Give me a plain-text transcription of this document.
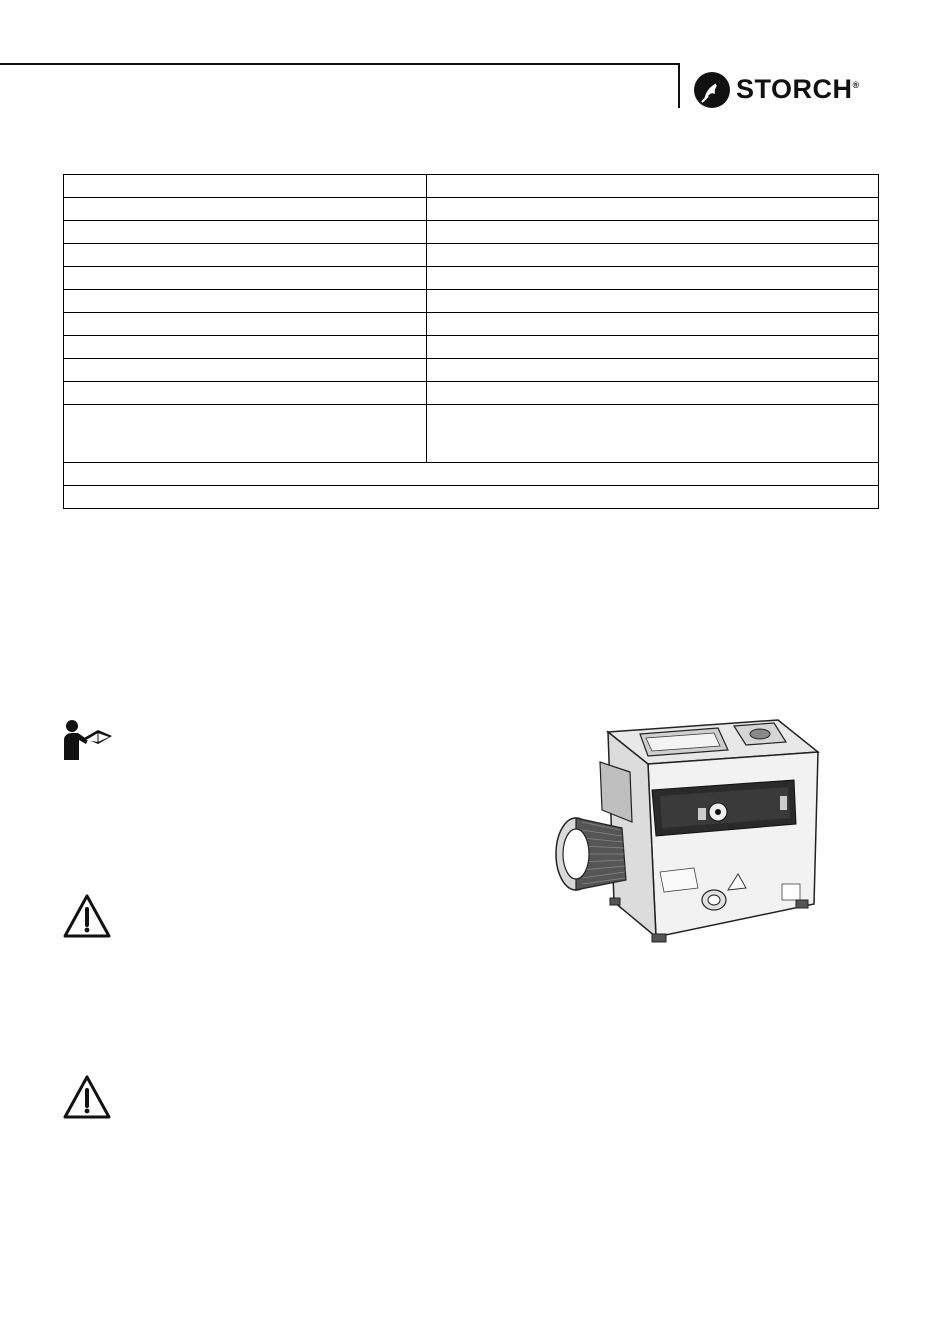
STORCH®
